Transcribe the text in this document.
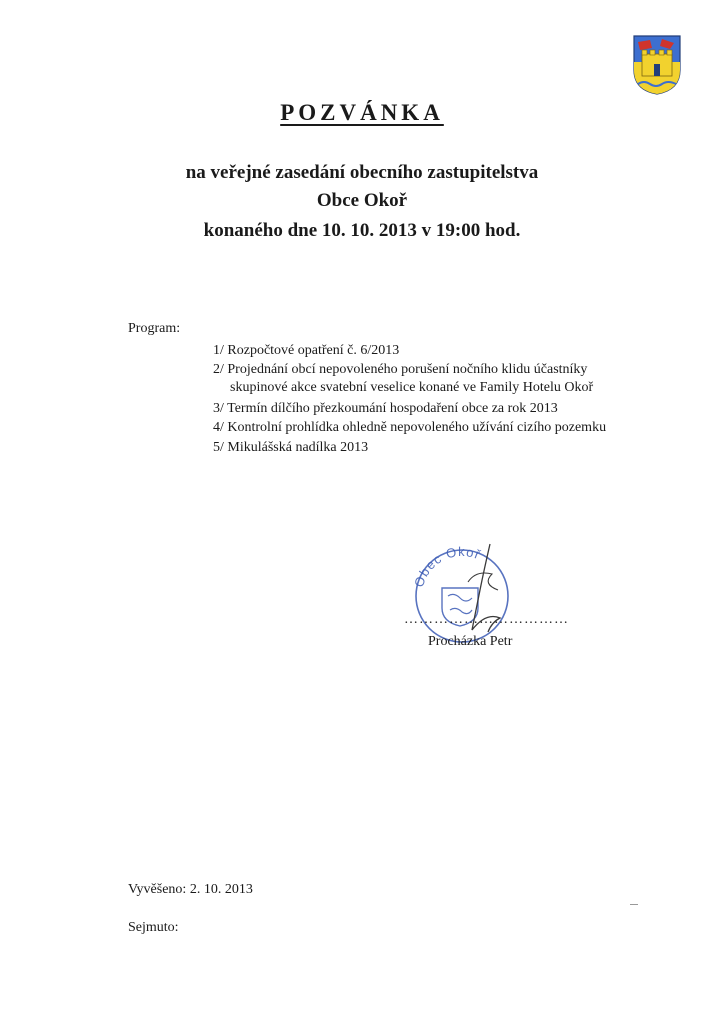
POZVÁNKA
na veřejné zasedání obecního zastupitelstva
Obce Okoř
konaného dne 10. 10. 2013 v 19:00 hod.
Program:
1/ Rozpočtové opatření č. 6/2013
2/ Projednání obcí nepovoleného porušení nočního klidu účastníky
skupinové akce svatební veselice konané ve Family Hotelu Okoř
3/ Termín dílčího přezkoumání hospodaření obce za rok 2013
4/ Kontrolní prohlídka ohledně nepovoleného užívání cizího pozemku
5/ Mikulášská nadílka 2013
Obec Okoř
……………………………
Procházka Petr
Vyvěšeno: 2. 10. 2013
Sejmuto:
